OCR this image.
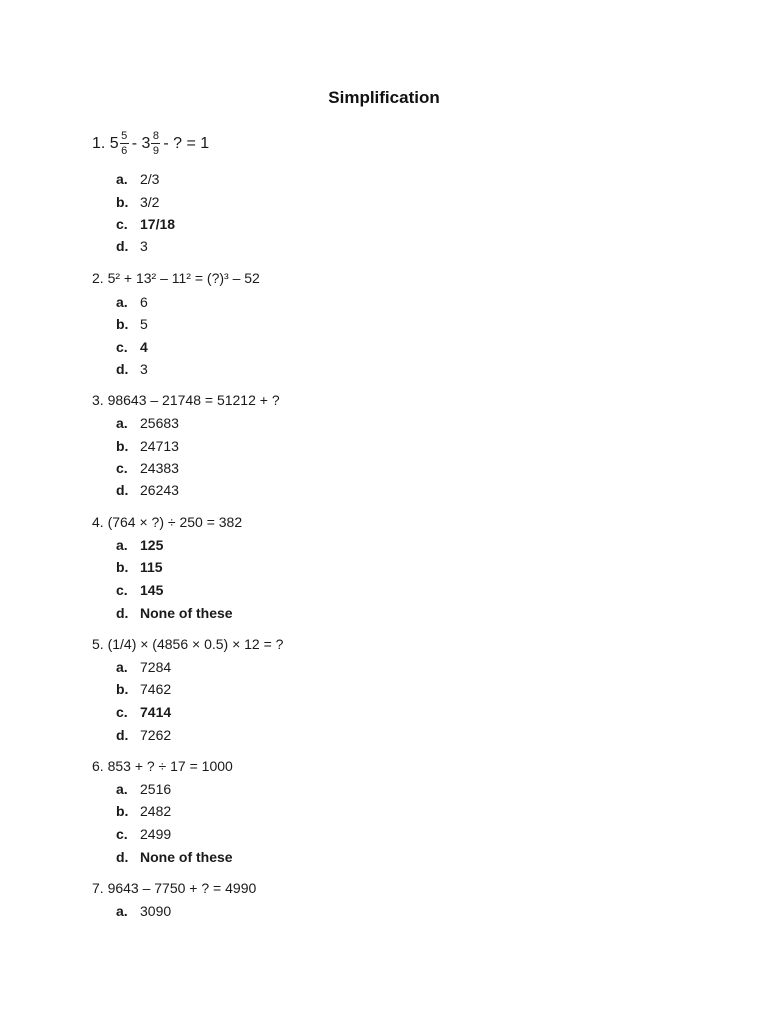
Simplification
1.
$5 \frac{5}{6}$ -
$3 \frac{8}{9}$ - ? = 1
a. 2/3
b. 3/2
c. 17/18
d. 3
2. 5² + 13² – 11² = (?)³ – 52
a. 6
b. 5
c. 4
d. 3
3. 98643 – 21748 = 51212 + ?
a. 25683
b. 24713
c. 24383
d. 26243
4. (764 × ?) ÷ 250 = 382
a. 125
b. 115
c. 145
d. None of these
5. (1/4) × (4856 × 0.5) × 12 = ?
a. 7284
b. 7462
c. 7414
d. 7262
6. 853 + ? ÷ 17 = 1000
a. 2516
b. 2482
c. 2499
d. None of these
7. 9643 – 7750 + ? = 4990
a. 3090
